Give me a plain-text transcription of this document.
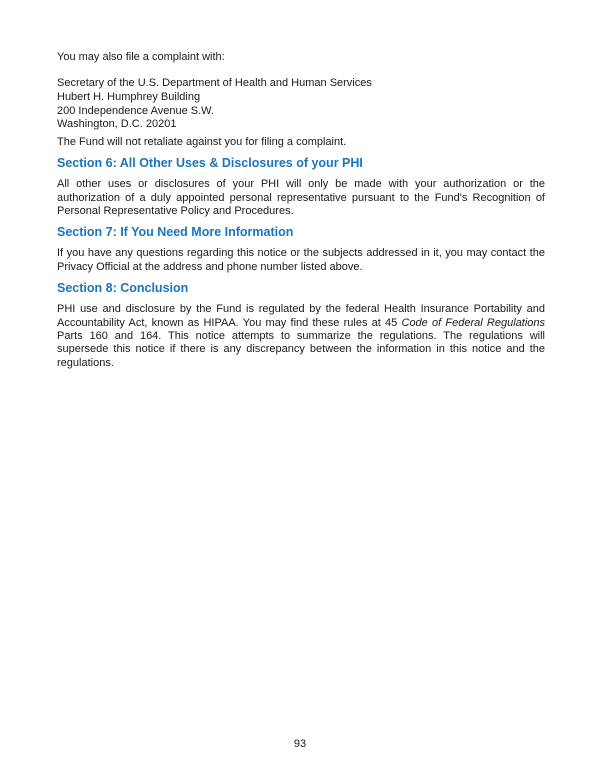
You may also file a complaint with:

Secretary of the U.S. Department of Health and Human Services
Hubert H. Humphrey Building
200 Independence Avenue S.W.
Washington, D.C. 20201

The Fund will not retaliate against you for filing a complaint.

Section 6: All Other Uses & Disclosures of your PHI

All other uses or disclosures of your PHI will only be made with your authorization or the authorization of a duly appointed personal representative pursuant to the Fund's Recognition of Personal Representative Policy and Procedures.

Section 7: If You Need More Information

If you have any questions regarding this notice or the subjects addressed in it, you may contact the Privacy Official at the address and phone number listed above.

Section 8: Conclusion

PHI use and disclosure by the Fund is regulated by the federal Health Insurance Portability and Accountability Act, known as HIPAA. You may find these rules at 45 Code of Federal Regulations Parts 160 and 164. This notice attempts to summarize the regulations. The regulations will supersede this notice if there is any discrepancy between the information in this notice and the regulations.

93
